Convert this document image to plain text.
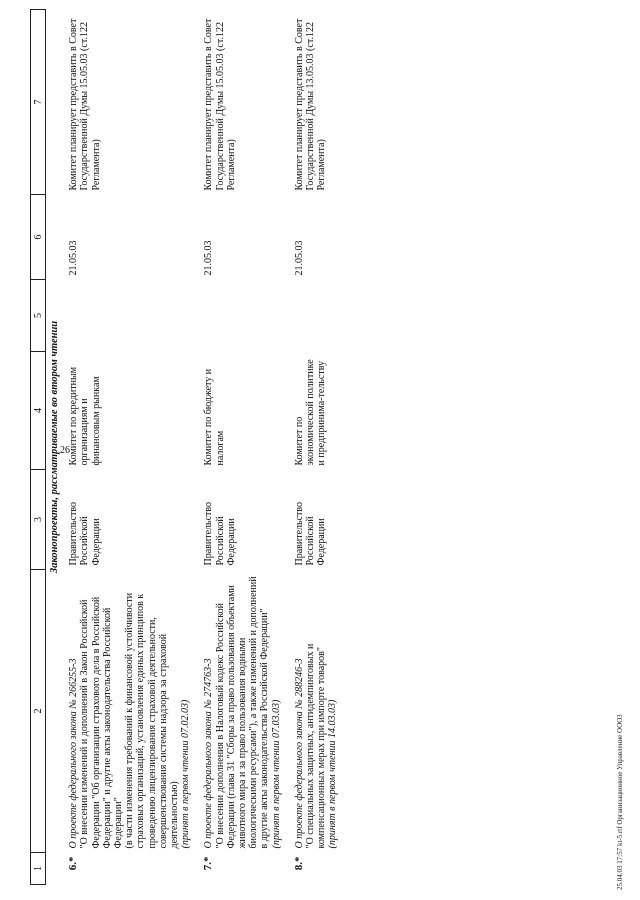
26
25.04.03 17:57 kt-5.rtf Организационное Управление ООО3
1	2	3	4	5	6	7
Законопроекты, рассматриваемые во втором чтении						
6.*	О проекте федерального закона № 266255-3 "О внесении изменений и дополнений в Закон Российской Федерации "Об организации страхового дела в Российской Федерации" и другие акты законодательства Российской Федерации" (в части изменения требований к финансовой устойчивости страховых организаций, установления единых принципов к проведению лицензирования страховой деятельности, совершенствования системы надзора за страховой деятельностью) (принят в первом чтении 07.02.03)	Правительство Российской Федерации	Комитет по кредитным организациям и финансовым рынкам		21.05.03	Комитет планирует представить в Совет Государственной Думы 15.05.03 (ст.122 Регламента)
7.*	О проекте федерального закона № 274763-3 "О внесении дополнения в Налоговый кодекс Российской Федерации (глава 31 "Сборы за право пользования объектами животного мира и за право пользования водными биологическими ресурсами"), а также изменений и дополнений в другие акты законодательства Российской Федерации" (принят в первом чтении 07.03.03)	Правительство Российской Федерации	Комитет по бюджету и налогам		21.05.03	Комитет планирует представить в Совет Государственной Думы 15.05.03 (ст.122 Регламента)
8.*	О проекте федерального закона № 288246-3 "О специальных защитных, антидемпинговых и компенсационных мерах при импорте товаров" (принят в первом чтении 14.03.03)	Правительство Российской Федерации	Комитет по экономической политике и предпринима-тельству		21.05.03	Комитет планирует представить в Совет Государственной Думы 13.05.03 (ст.122 Регламента)
